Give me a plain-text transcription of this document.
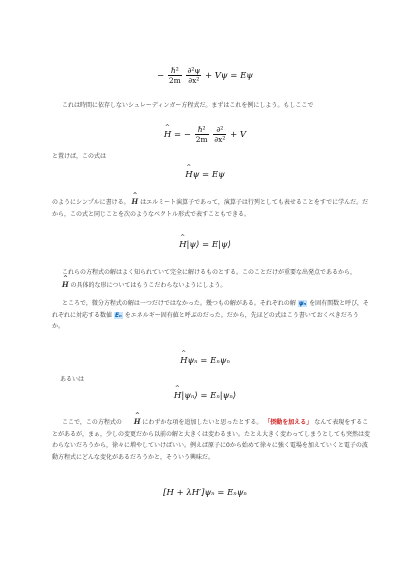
− $\frac{\text{ℏ²}}{2m}$
$\frac{\text{∂²ψ}}{\text{∂x²}} + V\psi = E\psi$

これは時間に依存しないシュレーディンガー方程式だ。まずはこれを例にしよう。もしここで

^ H = − $\frac{\text{ℏ²}}{2m}$
$\frac{\text{∂²}}{\text{∂x²}} + V$

と置けば，この式は

^ Hψ = Eψ

のようにシンプルに書ける。 ^ H はエルミート演算子であって，演算子は行列としても表せることをすでに学んだ。だから，この式と同じことを次のようなベクトル形式で表すこともできる。

^ H|ψ⟩ = E|ψ⟩

これらの方程式の解はよく知られていて完全に解けるものとする。このことだけが重要な出発点であるから， ^ H の具体的な形についてはもうこだわらないようにしよう。

ところで，微分方程式の解は一つだけではなかった。幾つもの解がある。それぞれの解 ψₙ を固有関数と呼び，それぞれに対応する数値 Eₙ をエネルギー固有値と呼ぶのだった。だから，先ほどの式はこう書いておくべきだろうか。

^ Hψₙ = Eₙψₙ

あるいは

^ H|ψₙ⟩ = Eₙ|ψₙ⟩

ここで，この方程式の ^ H にわずかな項を追加したいと思ったとする。 「摂動を加える」 なんて表現をすることがあるが，まぁ，少しの変更だから以前の解と大きくは変わるまい。たとえ大きく変わってしまうとしても突然は変わらないだろうから，徐々に増やしていけばいい。例えば原子に0から始めて徐々に強く電場を加えていくと電子の波動方程式にどんな変化があるだろうかと，そういう興味だ。

[H + λH′]ψₙ = Eₙψₙ
